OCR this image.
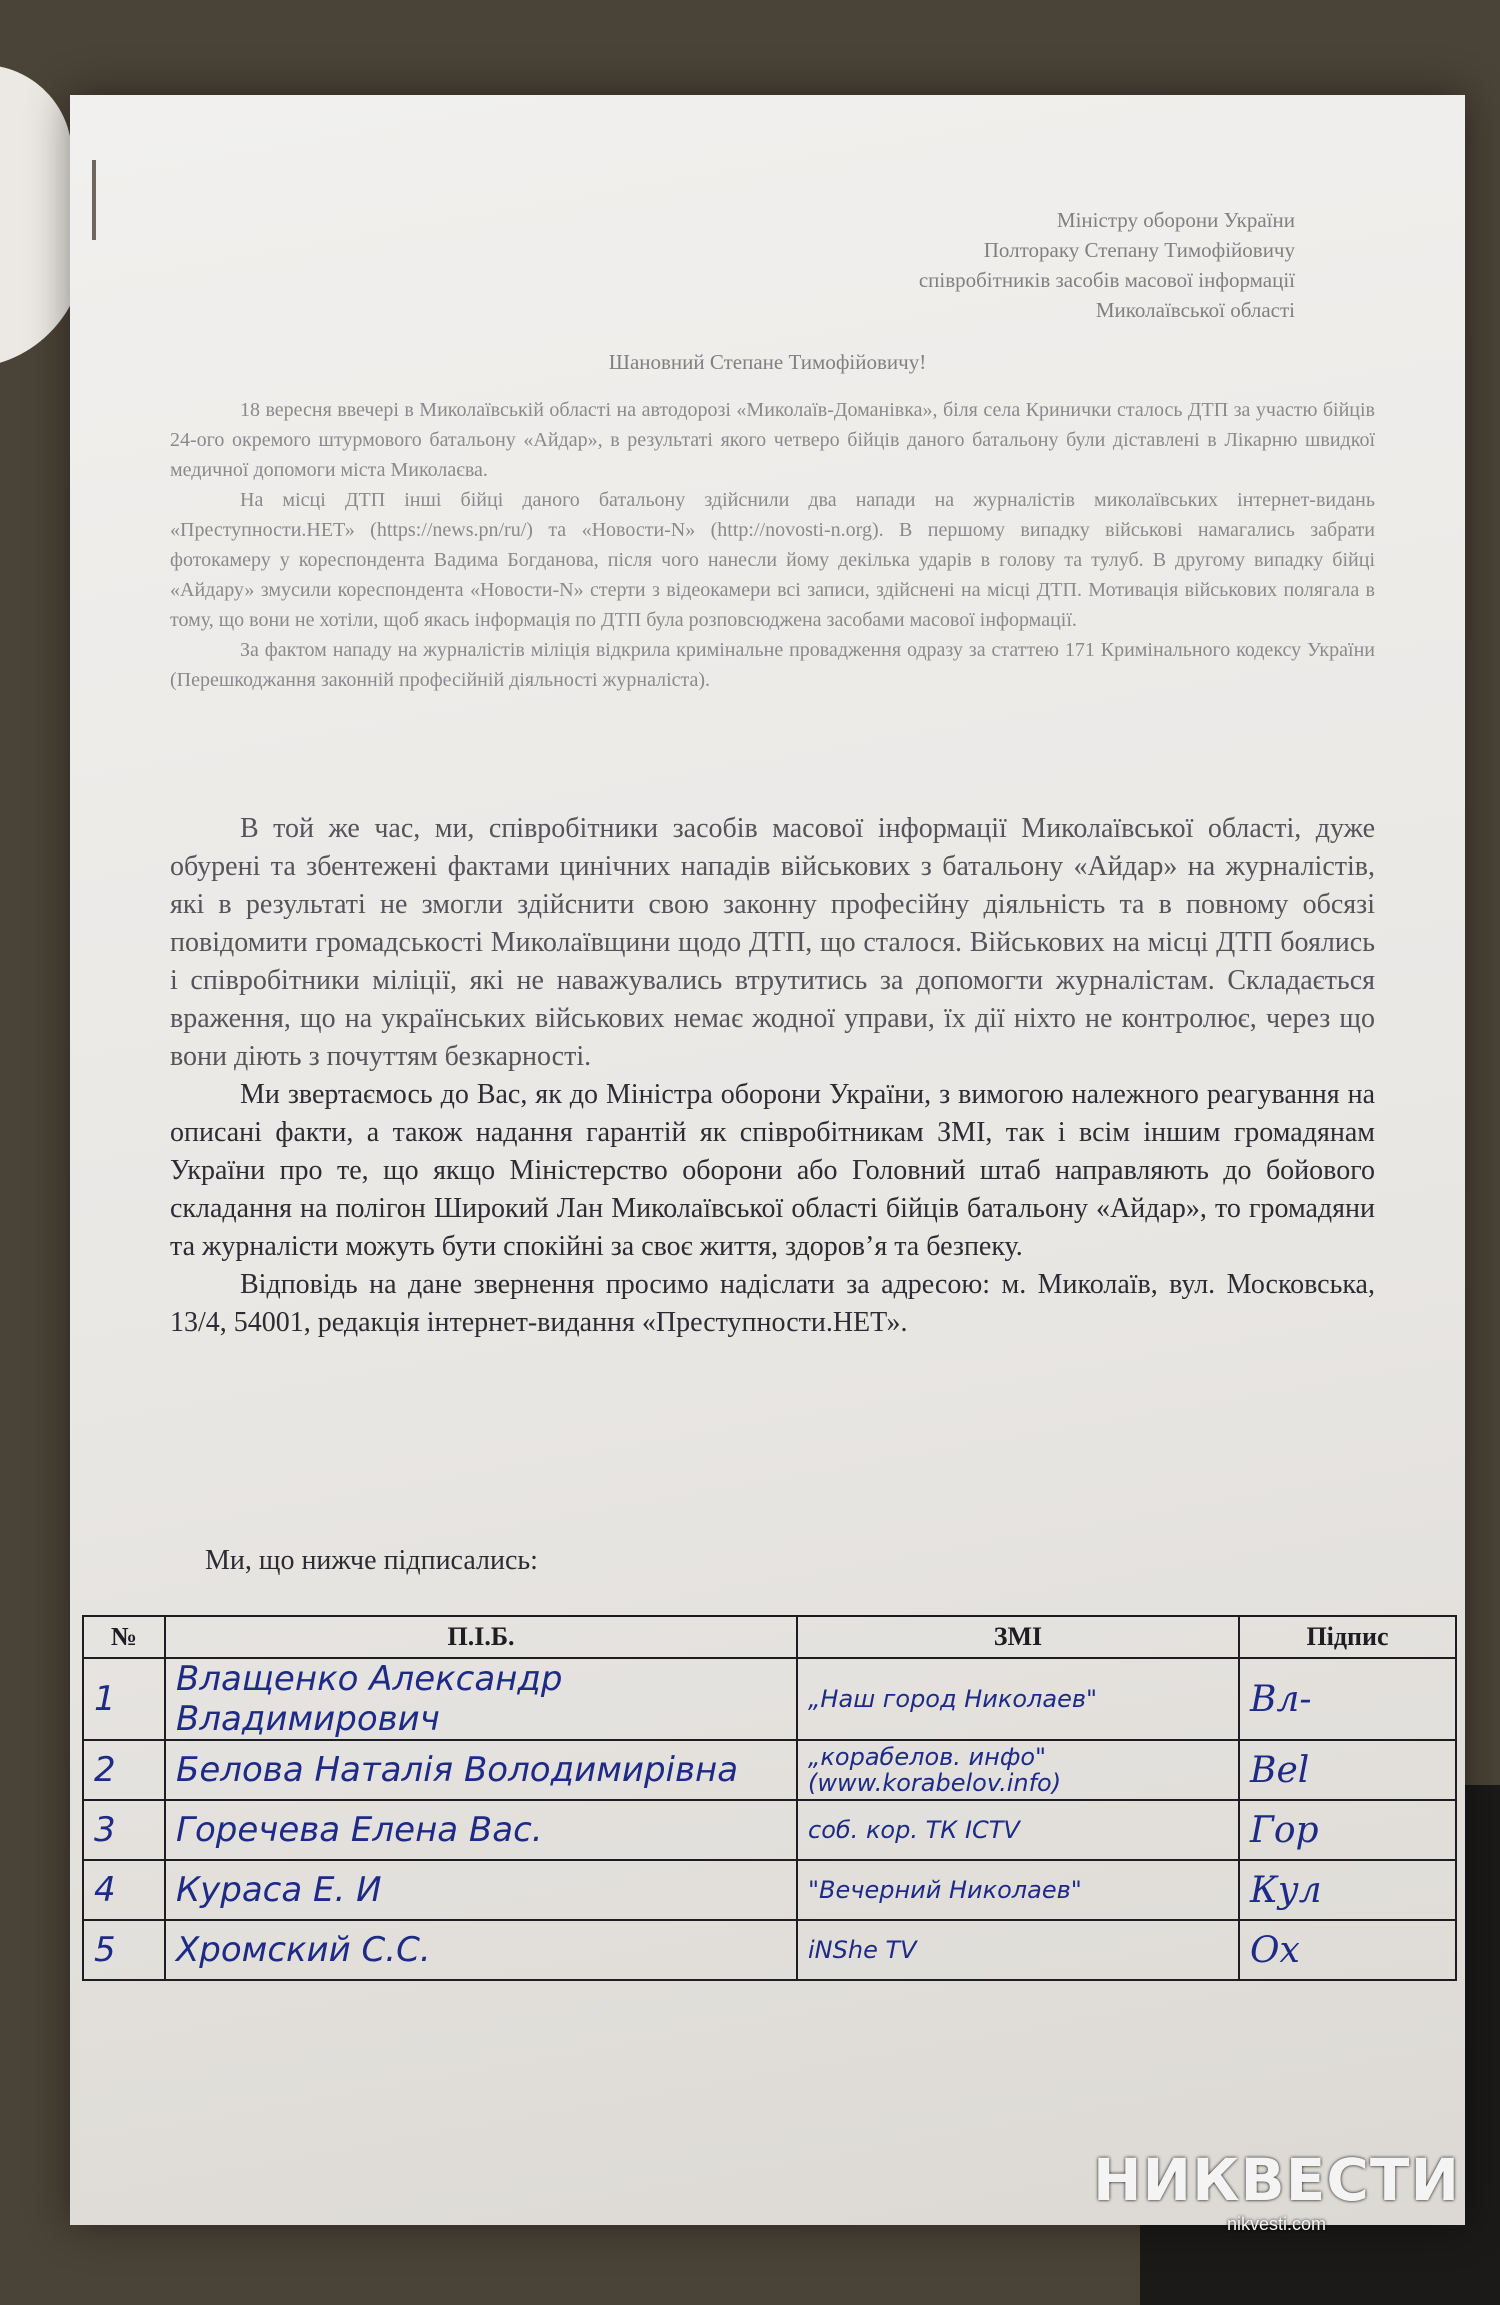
Міністру оборони України
Полтораку Степану Тимофійовичу
співробітників засобів масової інформації
Миколаївської області
Шановний Степане Тимофійовичу!

18 вересня ввечері в Миколаївській області на автодорозі «Миколаїв-Доманівка», біля села Кринички сталось ДТП за участю бійців 24-ого окремого штурмового батальону «Айдар», в результаті якого четверо бійців даного батальону були діставлені в Лікарню швидкої медичної допомоги міста Миколаєва.

На місці ДТП інші бійці даного батальону здійснили два напади на журналістів миколаївських інтернет-видань «Преступности.НЕТ» (https://news.pn/ru/) та «Новости-N» (http://novosti-n.org). В першому випадку військові намагались забрати фотокамеру у кореспондента Вадима Богданова, після чого нанесли йому декілька ударів в голову та тулуб. В другому випадку бійці «Айдару» змусили кореспондента «Новости-N» стерти з відеокамери всі записи, здійснені на місці ДТП. Мотивація військових полягала в тому, що вони не хотіли, щоб якась інформація по ДТП була розповсюджена засобами масової інформації.

За фактом нападу на журналістів міліція відкрила кримінальне провадження одразу за статтею 171 Кримінального кодексу України (Перешкоджання законній професійній діяльності журналіста).

В той же час, ми, співробітники засобів масової інформації Миколаївської області, дуже обурені та збентежені фактами цинічних нападів військових з батальону «Айдар» на журналістів, які в результаті не змогли здійснити свою законну професійну діяльність та в повному обсязі повідомити громадськості Миколаївщини щодо ДТП, що сталося. Військових на місці ДТП боялись і співробітники міліції, які не наважувались втрутитись за допомогти журналістам. Складається враження, що на українських військових немає жодної управи, їх дії ніхто не контролює, через що вони діють з почуттям безкарності.

Ми звертаємось до Вас, як до Міністра оборони України, з вимогою належного реагування на описані факти, а також надання гарантій як співробітникам ЗМІ, так і всім іншим громадянам України про те, що якщо Міністерство оборони або Головний штаб направляють до бойового складання на полігон Широкий Лан Миколаївської області бійців батальону «Айдар», то громадяни та журналісти можуть бути спокійні за своє життя, здоров’я та безпеку.

Відповідь на дане звернення просимо надіслати за адресою: м. Миколаїв, вул. Московська, 13/4, 54001, редакція інтернет-видання «Преступности.НЕТ».

Ми, що нижче підписались:
№	П.І.Б.	ЗМІ	Підпис
1	Влащенко Александр Владимирович	„Наш город Николаев"	Вл-
2	Белова Наталія Володимирівна	„корабелов. инфо" (www.korabelov.info)	Bel
3	Горечева Елена Вас.	соб. кор. ТК ICTV	Гор
4	Кураса Е. И	"Вечерний Николаев"	Кул
5	Хромский С.С.	iNShe TV	Ох
НИКВЕСТИ
nikvesti.com
